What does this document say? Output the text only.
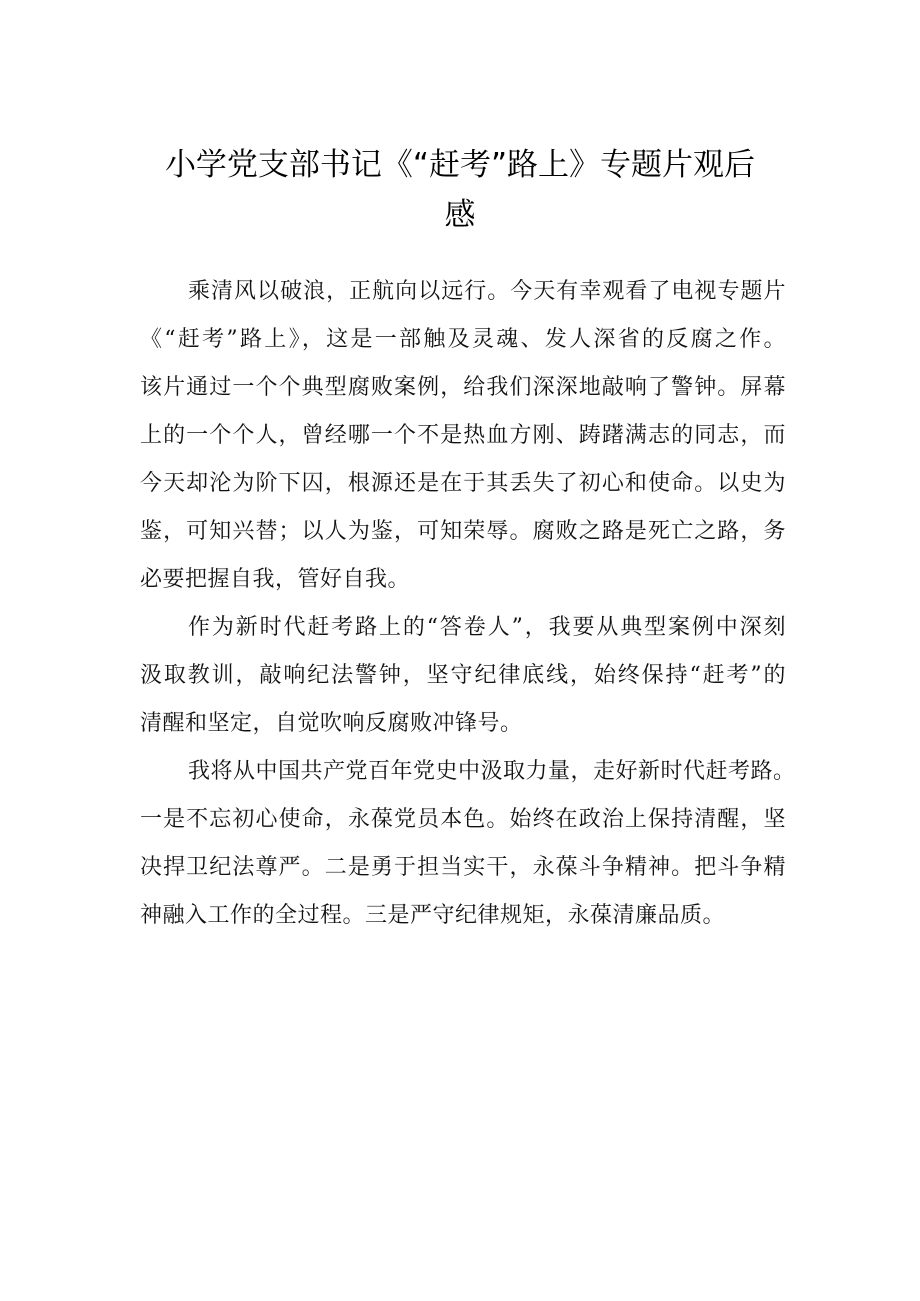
小学党支部书记《“赶考”路上》专题片观后
感
乘清风以破浪，正航向以远行。今天有幸观看了电视专题片
《“赶考”路上》，这是一部触及灵魂、发人深省的反腐之作。
该片通过一个个典型腐败案例，给我们深深地敲响了警钟。屏幕
上的一个个人，曾经哪一个不是热血方刚、踌躇满志的同志，而
今天却沦为阶下囚，根源还是在于其丢失了初心和使命。以史为
鉴，可知兴替；以人为鉴，可知荣辱。腐败之路是死亡之路，务
必要把握自我，管好自我。
作为新时代赶考路上的“答卷人”，我要从典型案例中深刻
汲取教训，敲响纪法警钟，坚守纪律底线，始终保持“赶考”的
清醒和坚定，自觉吹响反腐败冲锋号。
我将从中国共产党百年党史中汲取力量，走好新时代赶考路。
一是不忘初心使命，永葆党员本色。始终在政治上保持清醒，坚
决捍卫纪法尊严。二是勇于担当实干，永葆斗争精神。把斗争精
神融入工作的全过程。三是严守纪律规矩，永葆清廉品质。
